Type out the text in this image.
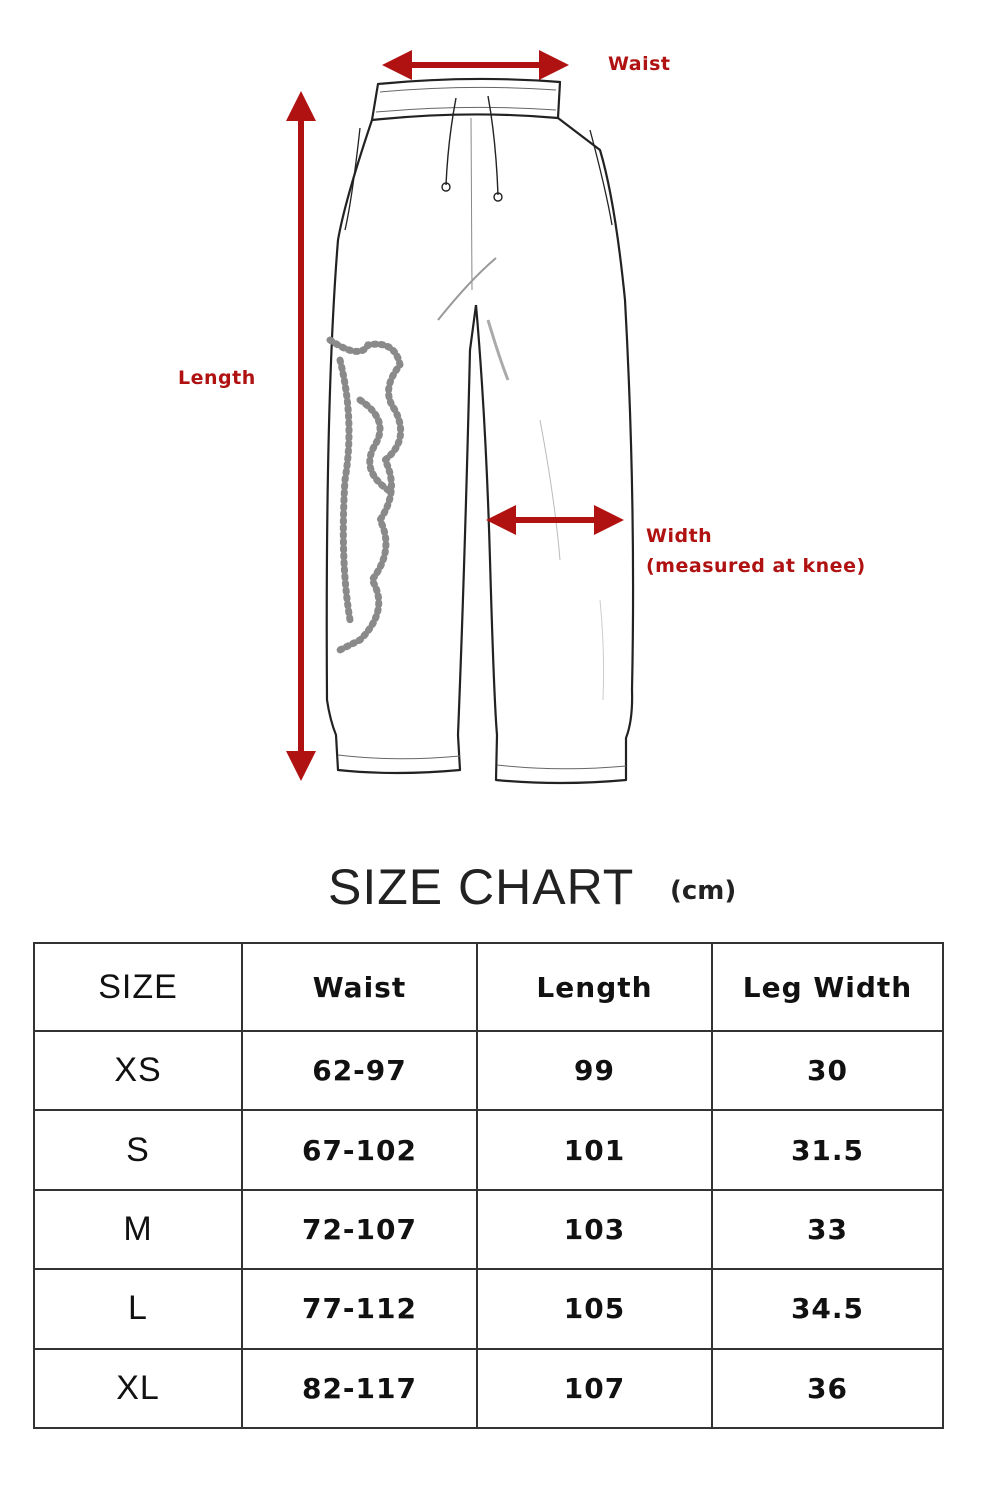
Waist
Length
Width
(measured at knee)
SIZE CHART (cm)
SIZE	Waist	Length	Leg Width
XS	62-97	99	30
S	67-102	101	31.5
M	72-107	103	33
L	77-112	105	34.5
XL	82-117	107	36
